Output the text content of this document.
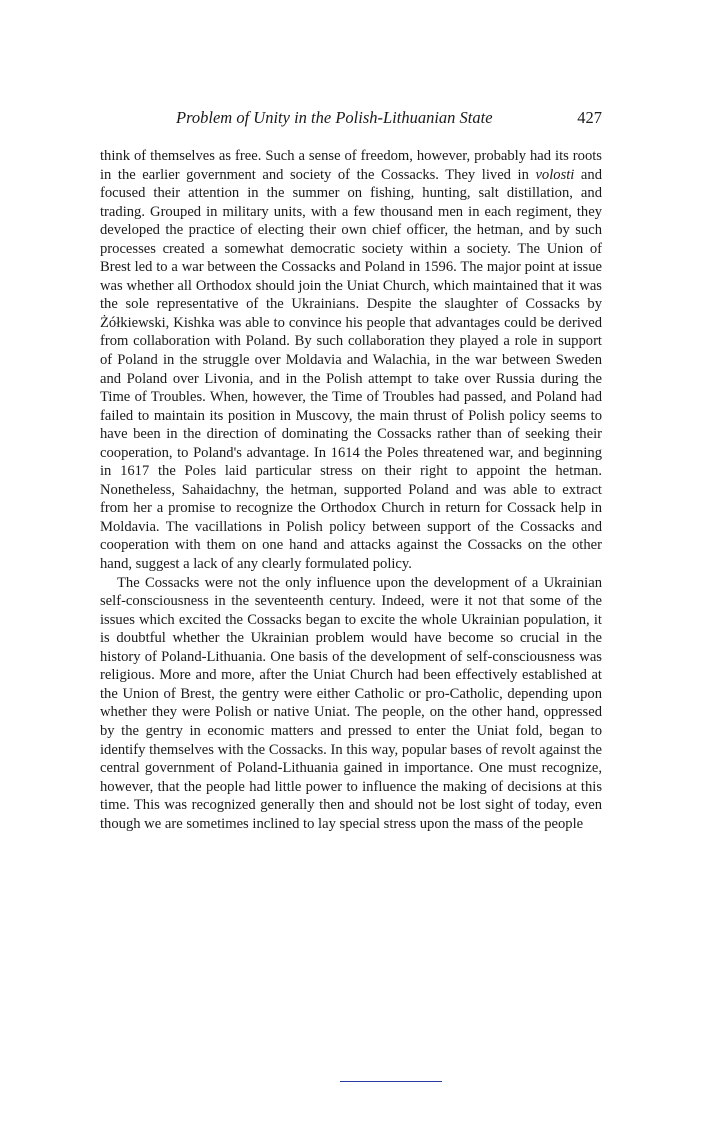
Problem of Unity in the Polish-Lithuanian State	427

think of themselves as free. Such a sense of freedom, however, probably had its roots in the earlier government and society of the Cossacks. They lived in volosti and focused their attention in the summer on fishing, hunting, salt distillation, and trading. Grouped in military units, with a few thousand men in each regiment, they developed the practice of electing their own chief officer, the hetman, and by such processes created a somewhat democratic society within a society. The Union of Brest led to a war between the Cossacks and Poland in 1596. The major point at issue was whether all Orthodox should join the Uniat Church, which maintained that it was the sole representative of the Ukrainians. Despite the slaughter of Cossacks by Żółkiewski, Kishka was able to convince his people that advantages could be derived from collaboration with Poland. By such collaboration they played a role in support of Poland in the struggle over Moldavia and Walachia, in the war between Sweden and Poland over Livonia, and in the Polish attempt to take over Russia during the Time of Troubles. When, however, the Time of Troubles had passed, and Poland had failed to maintain its position in Muscovy, the main thrust of Polish policy seems to have been in the direction of dominating the Cossacks rather than of seeking their cooperation, to Poland's advantage. In 1614 the Poles threatened war, and beginning in 1617 the Poles laid particular stress on their right to appoint the hetman. Nonetheless, Sahaidachny, the hetman, supported Poland and was able to extract from her a promise to recognize the Orthodox Church in return for Cossack help in Moldavia. The vacillations in Polish policy between support of the Cossacks and cooperation with them on one hand and attacks against the Cossacks on the other hand, suggest a lack of any clearly formulated policy.

The Cossacks were not the only influence upon the development of a Ukrainian self-consciousness in the seventeenth century. Indeed, were it not that some of the issues which excited the Cossacks began to excite the whole Ukrainian population, it is doubtful whether the Ukrainian problem would have become so crucial in the history of Poland-Lithuania. One basis of the development of self-consciousness was religious. More and more, after the Uniat Church had been effectively established at the Union of Brest, the gentry were either Catholic or pro-Catholic, depending upon whether they were Polish or native Uniat. The people, on the other hand, oppressed by the gentry in economic matters and pressed to enter the Uniat fold, began to identify themselves with the Cossacks. In this way, popular bases of revolt against the central government of Poland-Lithuania gained in importance. One must recognize, however, that the people had little power to influence the making of decisions at this time. This was recognized generally then and should not be lost sight of today, even though we are sometimes inclined to lay special stress upon the mass of the people
